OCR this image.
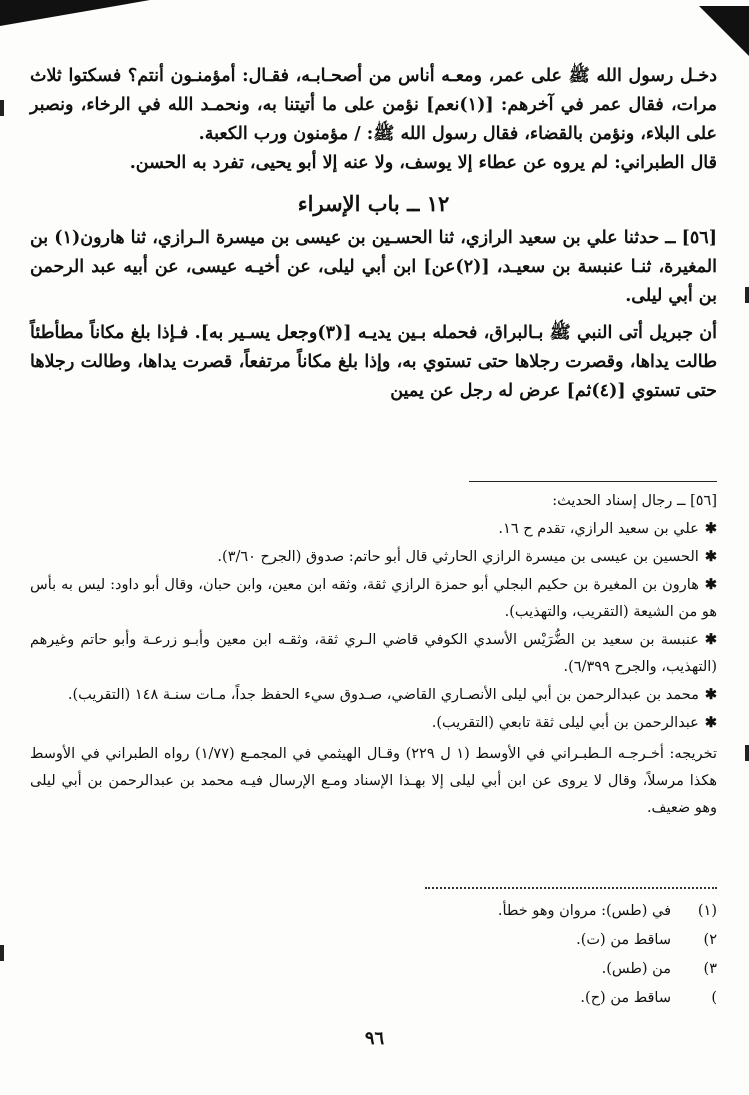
دخـل رسول الله ﷺ على عمر، ومعـه أناس من أصحـابـه، فقـال: أمؤمنـون أنتم؟ فسكتوا ثلاث مرات، فقال عمر في آخرهم: [(١)نعم] نؤمن على ما أتيتنا به، ونحمـد الله في الرخاء، ونصبر على البلاء، ونؤمن بالقضاء، فقال رسول الله ﷺ: / مؤمنون ورب الكعبة.

قال الطبراني: لم يروه عن عطاء إلا يوسف، ولا عنه إلا أبو يحيى، تفرد به الحسن.

١٢ ــ باب الإسراء

[٥٦] ــ حدثنا علي بن سعيد الرازي، ثنا الحسـين بن عيسى بن ميسرة الـرازي، ثنا هارون(١) بن المغيرة، ثنـا عنبسة بن سعيـد، [(٢)عن] ابن أبي ليلى، عن أخيـه عيسى، عن أبيه عبد الرحمن بن أبي ليلى.

أن جبريل أتى النبي ﷺ بـالبراق، فحمله بـين يديـه [(٣)وجعل يسـير به]. فـإذا بلغ مكاناً مطأطئاً طالت يداها، وقصرت رجلاها حتى تستوي به، وإذا بلغ مكاناً مرتفعاً، قصرت يداها، وطالت رجلاها حتى تستوي [(٤)ثم] عرض له رجل عن يمين

[٥٦] ــ رجال إسناد الحديث:

✱علي بن سعيد الرازي، تقدم ح ١٦.

✱الحسين بن عيسى بن ميسرة الرازي الحارثي قال أبو حاتم: صدوق (الجرح ٣/٦٠).

✱هارون بن المغيرة بن حكيم البجلي أبو حمزة الرازي ثقة، وثقه ابن معين، وابن حبان، وقال أبو داود: ليس به بأس هو من الشيعة (التقريب، والتهذيب).

✱عنبسة بن سعيد بن الضُّرَيْس الأسدي الكوفي قاضي الـري ثقة، وثقـه ابن معين وأبـو زرعـة وأبو حاتم وغيرهم (التهذيب، والجرح ٦/٣٩٩).

✱محمد بن عبدالرحمن بن أبي ليلى الأنصـاري القاضي، صـدوق سيء الحفظ جداً، مـات سنـة ١٤٨ (التقريب).

✱عبدالرحمن بن أبي ليلى ثقة تابعي (التقريب).

تخريجه: أخـرجـه الـطبـراني في الأوسط (١ ل ٢٢٩) وقـال الهيثمي في المجمـع (١/٧٧) رواه الطبراني في الأوسط هكذا مرسلاً، وقال لا يروى عن ابن أبي ليلى إلا بهـذا الإسناد ومـع الإرسال فيـه محمد بن عبدالرحمن بن أبي ليلى وهو ضعيف.

(١)
في (طس): مروان وهو خطأ.
٢)
ساقط من (ت).
٣)
من (طس).
)
ساقط من (ح).
٩٦
